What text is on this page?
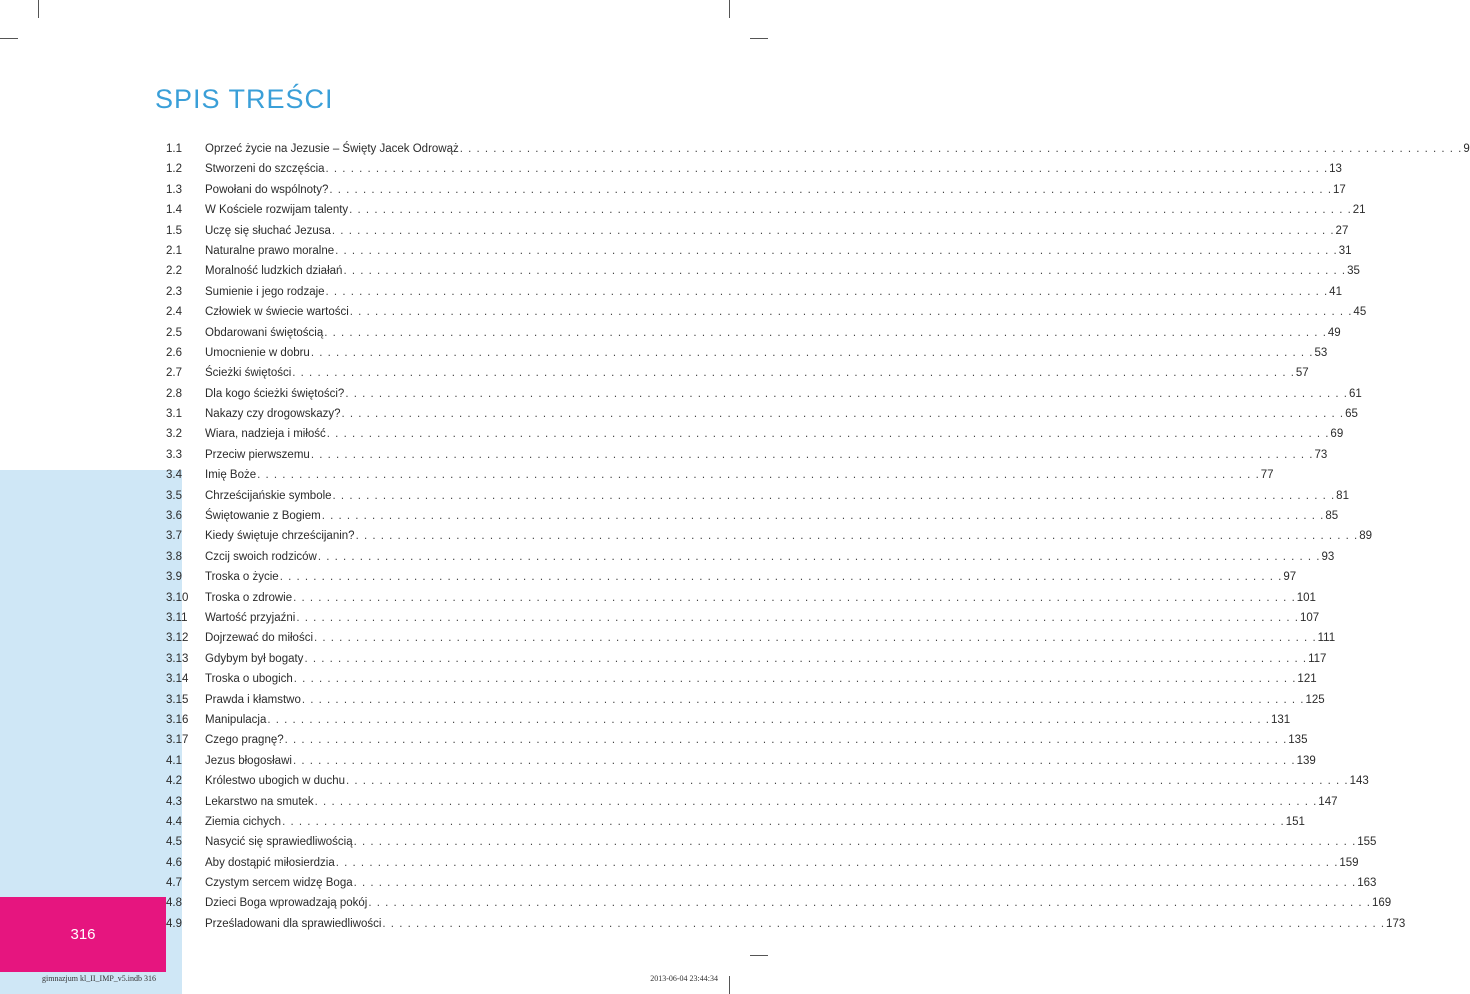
SPIS TREŚCI
1.1	Oprzeć życie na Jezusie – Święty Jacek Odrowąż . . . . . . . . . . . . . . . . . . . . . . . . . . . . . . . . . . . . . . . . . . . . . . . . . . . . . . . . . . . . . . . . . . . . . . . . . . . . . . . . . . . . . . . . . . . . . . . . . . . . . . . . . . . . . . . . . . . . . . . . 9
1.2	Stworzeni do szczęścia . . . . . . . . . . . . . . . . . . . . . . . . . . . . . . . . . . . . . . . . . . . . . . . . . . . . . . . . . . . . . . . . . . . . . . . . . . . . . . . . . . . . . . . . . . . . . . . . . . . . . . . . . . . . . . . . . . . . . . . . 13
1.3	Powołani do wspólnoty? . . . . . . . . . . . . . . . . . . . . . . . . . . . . . . . . . . . . . . . . . . . . . . . . . . . . . . . . . . . . . . . . . . . . . . . . . . . . . . . . . . . . . . . . . . . . . . . . . . . . . . . . . . . . . . . . . . . . . . . . 17
1.4	W Kościele rozwijam talenty . . . . . . . . . . . . . . . . . . . . . . . . . . . . . . . . . . . . . . . . . . . . . . . . . . . . . . . . . . . . . . . . . . . . . . . . . . . . . . . . . . . . . . . . . . . . . . . . . . . . . . . . . . . . . . . . . . . . . . . . 21
1.5	Uczę się słuchać Jezusa . . . . . . . . . . . . . . . . . . . . . . . . . . . . . . . . . . . . . . . . . . . . . . . . . . . . . . . . . . . . . . . . . . . . . . . . . . . . . . . . . . . . . . . . . . . . . . . . . . . . . . . . . . . . . . . . . . . . . . . . 27
2.1	Naturalne prawo moralne . . . . . . . . . . . . . . . . . . . . . . . . . . . . . . . . . . . . . . . . . . . . . . . . . . . . . . . . . . . . . . . . . . . . . . . . . . . . . . . . . . . . . . . . . . . . . . . . . . . . . . . . . . . . . . . . . . . . . . . . 31
2.2	Moralność ludzkich działań . . . . . . . . . . . . . . . . . . . . . . . . . . . . . . . . . . . . . . . . . . . . . . . . . . . . . . . . . . . . . . . . . . . . . . . . . . . . . . . . . . . . . . . . . . . . . . . . . . . . . . . . . . . . . . . . . . . . . . . . 35
2.3	Sumienie i jego rodzaje . . . . . . . . . . . . . . . . . . . . . . . . . . . . . . . . . . . . . . . . . . . . . . . . . . . . . . . . . . . . . . . . . . . . . . . . . . . . . . . . . . . . . . . . . . . . . . . . . . . . . . . . . . . . . . . . . . . . . . . . 41
2.4	Człowiek w świecie wartości . . . . . . . . . . . . . . . . . . . . . . . . . . . . . . . . . . . . . . . . . . . . . . . . . . . . . . . . . . . . . . . . . . . . . . . . . . . . . . . . . . . . . . . . . . . . . . . . . . . . . . . . . . . . . . . . . . . . . . . . 45
2.5	Obdarowani świętością . . . . . . . . . . . . . . . . . . . . . . . . . . . . . . . . . . . . . . . . . . . . . . . . . . . . . . . . . . . . . . . . . . . . . . . . . . . . . . . . . . . . . . . . . . . . . . . . . . . . . . . . . . . . . . . . . . . . . . . . 49
2.6	Umocnienie w dobru . . . . . . . . . . . . . . . . . . . . . . . . . . . . . . . . . . . . . . . . . . . . . . . . . . . . . . . . . . . . . . . . . . . . . . . . . . . . . . . . . . . . . . . . . . . . . . . . . . . . . . . . . . . . . . . . . . . . . . . . 53
2.7	Ścieżki świętości . . . . . . . . . . . . . . . . . . . . . . . . . . . . . . . . . . . . . . . . . . . . . . . . . . . . . . . . . . . . . . . . . . . . . . . . . . . . . . . . . . . . . . . . . . . . . . . . . . . . . . . . . . . . . . . . . . . . . . . . 57
2.8	Dla kogo ścieżki świętości? . . . . . . . . . . . . . . . . . . . . . . . . . . . . . . . . . . . . . . . . . . . . . . . . . . . . . . . . . . . . . . . . . . . . . . . . . . . . . . . . . . . . . . . . . . . . . . . . . . . . . . . . . . . . . . . . . . . . . . . . 61
3.1	Nakazy czy drogowskazy? . . . . . . . . . . . . . . . . . . . . . . . . . . . . . . . . . . . . . . . . . . . . . . . . . . . . . . . . . . . . . . . . . . . . . . . . . . . . . . . . . . . . . . . . . . . . . . . . . . . . . . . . . . . . . . . . . . . . . . . . 65
3.2	Wiara, nadzieja i miłość . . . . . . . . . . . . . . . . . . . . . . . . . . . . . . . . . . . . . . . . . . . . . . . . . . . . . . . . . . . . . . . . . . . . . . . . . . . . . . . . . . . . . . . . . . . . . . . . . . . . . . . . . . . . . . . . . . . . . . . . 69
3.3	Przeciw pierwszemu . . . . . . . . . . . . . . . . . . . . . . . . . . . . . . . . . . . . . . . . . . . . . . . . . . . . . . . . . . . . . . . . . . . . . . . . . . . . . . . . . . . . . . . . . . . . . . . . . . . . . . . . . . . . . . . . . . . . . . . . 73
3.4	Imię Boże . . . . . . . . . . . . . . . . . . . . . . . . . . . . . . . . . . . . . . . . . . . . . . . . . . . . . . . . . . . . . . . . . . . . . . . . . . . . . . . . . . . . . . . . . . . . . . . . . . . . . . . . . . . . . . . . . . . . . . . . 77
3.5	Chrześcijańskie symbole . . . . . . . . . . . . . . . . . . . . . . . . . . . . . . . . . . . . . . . . . . . . . . . . . . . . . . . . . . . . . . . . . . . . . . . . . . . . . . . . . . . . . . . . . . . . . . . . . . . . . . . . . . . . . . . . . . . . . . . . 81
3.6	Świętowanie z Bogiem . . . . . . . . . . . . . . . . . . . . . . . . . . . . . . . . . . . . . . . . . . . . . . . . . . . . . . . . . . . . . . . . . . . . . . . . . . . . . . . . . . . . . . . . . . . . . . . . . . . . . . . . . . . . . . . . . . . . . . . . 85
3.7	Kiedy świętuje chrześcijanin? . . . . . . . . . . . . . . . . . . . . . . . . . . . . . . . . . . . . . . . . . . . . . . . . . . . . . . . . . . . . . . . . . . . . . . . . . . . . . . . . . . . . . . . . . . . . . . . . . . . . . . . . . . . . . . . . . . . . . . . . 89
3.8	Czcij swoich rodziców . . . . . . . . . . . . . . . . . . . . . . . . . . . . . . . . . . . . . . . . . . . . . . . . . . . . . . . . . . . . . . . . . . . . . . . . . . . . . . . . . . . . . . . . . . . . . . . . . . . . . . . . . . . . . . . . . . . . . . . . 93
3.9	Troska o życie . . . . . . . . . . . . . . . . . . . . . . . . . . . . . . . . . . . . . . . . . . . . . . . . . . . . . . . . . . . . . . . . . . . . . . . . . . . . . . . . . . . . . . . . . . . . . . . . . . . . . . . . . . . . . . . . . . . . . . . . 97
3.10	Troska o zdrowie . . . . . . . . . . . . . . . . . . . . . . . . . . . . . . . . . . . . . . . . . . . . . . . . . . . . . . . . . . . . . . . . . . . . . . . . . . . . . . . . . . . . . . . . . . . . . . . . . . . . . . . . . . . . . . . . . . . . . . . . 101
3.11	Wartość przyjaźni . . . . . . . . . . . . . . . . . . . . . . . . . . . . . . . . . . . . . . . . . . . . . . . . . . . . . . . . . . . . . . . . . . . . . . . . . . . . . . . . . . . . . . . . . . . . . . . . . . . . . . . . . . . . . . . . . . . . . . . . 107
3.12	Dojrzewać do miłości . . . . . . . . . . . . . . . . . . . . . . . . . . . . . . . . . . . . . . . . . . . . . . . . . . . . . . . . . . . . . . . . . . . . . . . . . . . . . . . . . . . . . . . . . . . . . . . . . . . . . . . . . . . . . . . . . . . . . . . . 111
3.13	Gdybym był bogaty . . . . . . . . . . . . . . . . . . . . . . . . . . . . . . . . . . . . . . . . . . . . . . . . . . . . . . . . . . . . . . . . . . . . . . . . . . . . . . . . . . . . . . . . . . . . . . . . . . . . . . . . . . . . . . . . . . . . . . . . 117
3.14	Troska o ubogich . . . . . . . . . . . . . . . . . . . . . . . . . . . . . . . . . . . . . . . . . . . . . . . . . . . . . . . . . . . . . . . . . . . . . . . . . . . . . . . . . . . . . . . . . . . . . . . . . . . . . . . . . . . . . . . . . . . . . . . . 121
3.15	Prawda i kłamstwo . . . . . . . . . . . . . . . . . . . . . . . . . . . . . . . . . . . . . . . . . . . . . . . . . . . . . . . . . . . . . . . . . . . . . . . . . . . . . . . . . . . . . . . . . . . . . . . . . . . . . . . . . . . . . . . . . . . . . . . . 125
3.16	Manipulacja . . . . . . . . . . . . . . . . . . . . . . . . . . . . . . . . . . . . . . . . . . . . . . . . . . . . . . . . . . . . . . . . . . . . . . . . . . . . . . . . . . . . . . . . . . . . . . . . . . . . . . . . . . . . . . . . . . . . . . . . 131
3.17	Czego pragnę? . . . . . . . . . . . . . . . . . . . . . . . . . . . . . . . . . . . . . . . . . . . . . . . . . . . . . . . . . . . . . . . . . . . . . . . . . . . . . . . . . . . . . . . . . . . . . . . . . . . . . . . . . . . . . . . . . . . . . . . . 135
4.1	Jezus błogosławi . . . . . . . . . . . . . . . . . . . . . . . . . . . . . . . . . . . . . . . . . . . . . . . . . . . . . . . . . . . . . . . . . . . . . . . . . . . . . . . . . . . . . . . . . . . . . . . . . . . . . . . . . . . . . . . . . . . . . . . . 139
4.2	Królestwo ubogich w duchu . . . . . . . . . . . . . . . . . . . . . . . . . . . . . . . . . . . . . . . . . . . . . . . . . . . . . . . . . . . . . . . . . . . . . . . . . . . . . . . . . . . . . . . . . . . . . . . . . . . . . . . . . . . . . . . . . . . . . . . . 143
4.3	Lekarstwo na smutek . . . . . . . . . . . . . . . . . . . . . . . . . . . . . . . . . . . . . . . . . . . . . . . . . . . . . . . . . . . . . . . . . . . . . . . . . . . . . . . . . . . . . . . . . . . . . . . . . . . . . . . . . . . . . . . . . . . . . . . . 147
4.4	Ziemia cichych . . . . . . . . . . . . . . . . . . . . . . . . . . . . . . . . . . . . . . . . . . . . . . . . . . . . . . . . . . . . . . . . . . . . . . . . . . . . . . . . . . . . . . . . . . . . . . . . . . . . . . . . . . . . . . . . . . . . . . . . 151
4.5	Nasycić się sprawiedliwością . . . . . . . . . . . . . . . . . . . . . . . . . . . . . . . . . . . . . . . . . . . . . . . . . . . . . . . . . . . . . . . . . . . . . . . . . . . . . . . . . . . . . . . . . . . . . . . . . . . . . . . . . . . . . . . . . . . . . . . . 155
4.6	Aby dostąpić miłosierdzia . . . . . . . . . . . . . . . . . . . . . . . . . . . . . . . . . . . . . . . . . . . . . . . . . . . . . . . . . . . . . . . . . . . . . . . . . . . . . . . . . . . . . . . . . . . . . . . . . . . . . . . . . . . . . . . . . . . . . . . . 159
4.7	Czystym sercem widzę Boga . . . . . . . . . . . . . . . . . . . . . . . . . . . . . . . . . . . . . . . . . . . . . . . . . . . . . . . . . . . . . . . . . . . . . . . . . . . . . . . . . . . . . . . . . . . . . . . . . . . . . . . . . . . . . . . . . . . . . . . . 163
4.8	Dzieci Boga wprowadzają pokój . . . . . . . . . . . . . . . . . . . . . . . . . . . . . . . . . . . . . . . . . . . . . . . . . . . . . . . . . . . . . . . . . . . . . . . . . . . . . . . . . . . . . . . . . . . . . . . . . . . . . . . . . . . . . . . . . . . . . . . . 169
4.9	Prześladowani dla sprawiedliwości . . . . . . . . . . . . . . . . . . . . . . . . . . . . . . . . . . . . . . . . . . . . . . . . . . . . . . . . . . . . . . . . . . . . . . . . . . . . . . . . . . . . . . . . . . . . . . . . . . . . . . . . . . . . . . . . . . . . . . . . 173
316
gimnazjum kl_II_IMP_v5.indb 316	2013-06-04 23:44:34
